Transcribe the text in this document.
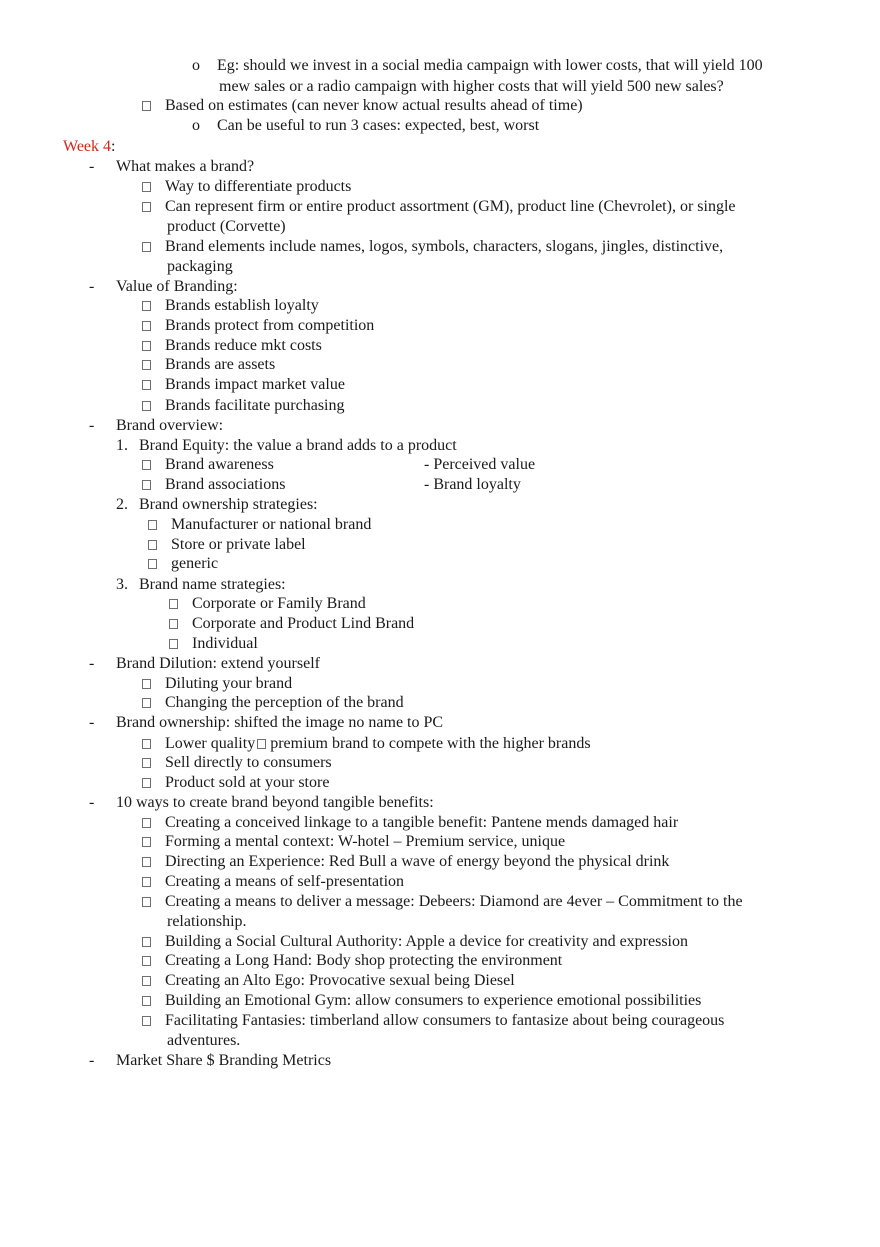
o Eg: should we invest in a social media campaign with lower costs, that will yield 100
mew sales or a radio campaign with higher costs that will yield 500 new sales?
Based on estimates (can never know actual results ahead of time)
o Can be useful to run 3 cases: expected, best, worst
Week 4:
- What makes a brand?
Way to differentiate products
Can represent firm or entire product assortment (GM), product line (Chevrolet), or single
product (Corvette)
Brand elements include names, logos, symbols, characters, slogans, jingles, distinctive,
packaging
- Value of Branding:
Brands establish loyalty
Brands protect from competition
Brands reduce mkt costs
Brands are assets
Brands impact market value
Brands facilitate purchasing
- Brand overview:
1. Brand Equity: the value a brand adds to a product
Brand awareness	- Perceived value
Brand associations	- Brand loyalty
2. Brand ownership strategies:
Manufacturer or national brand
Store or private label
generic
3. Brand name strategies:
Corporate or Family Brand
Corporate and Product Lind Brand
Individual
- Brand Dilution: extend yourself
Diluting your brand
Changing the perception of the brand
- Brand ownership: shifted the image no name to PC
Lower quality premium brand to compete with the higher brands
Sell directly to consumers
Product sold at your store
- 10 ways to create brand beyond tangible benefits:
Creating a conceived linkage to a tangible benefit: Pantene mends damaged hair
Forming a mental context: W-hotel – Premium service, unique
Directing an Experience: Red Bull a wave of energy beyond the physical drink
Creating a means of self-presentation
Creating a means to deliver a message: Debeers: Diamond are 4ever – Commitment to the
relationship.
Building a Social Cultural Authority: Apple a device for creativity and expression
Creating a Long Hand: Body shop protecting the environment
Creating an Alto Ego: Provocative sexual being Diesel
Building an Emotional Gym: allow consumers to experience emotional possibilities
Facilitating Fantasies: timberland allow consumers to fantasize about being courageous
adventures.
- Market Share $ Branding Metrics
